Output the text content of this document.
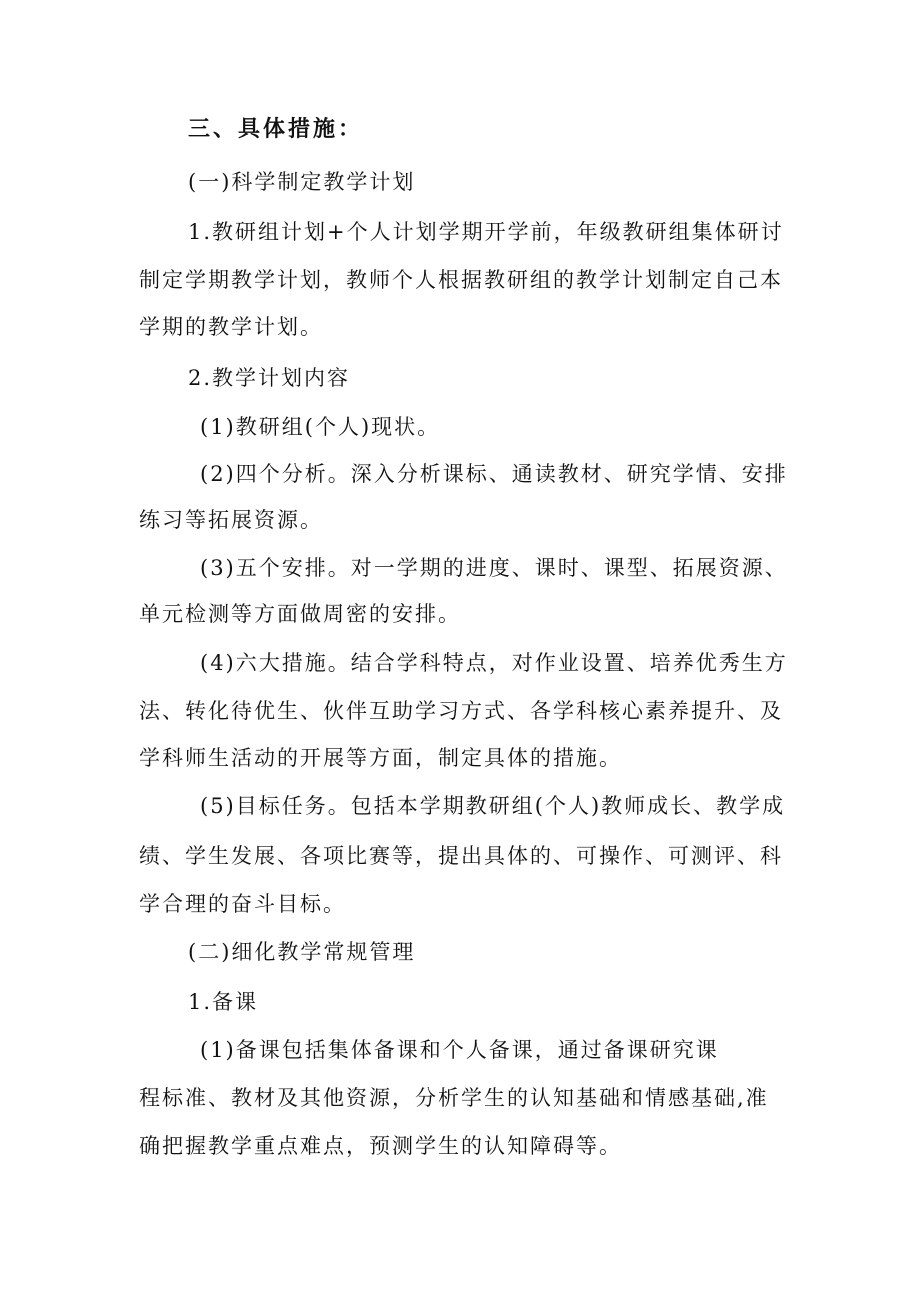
三、具体措施：
(一)科学制定教学计划
1.教研组计划+个人计划学期开学前，年级教研组集体研讨
制定学期教学计划，教师个人根据教研组的教学计划制定自己本
学期的教学计划。
2.教学计划内容
(1)教研组(个人)现状。
(2)四个分析。深入分析课标、通读教材、研究学情、安排
练习等拓展资源。
(3)五个安排。对一学期的进度、课时、课型、拓展资源、
单元检测等方面做周密的安排。
(4)六大措施。结合学科特点，对作业设置、培养优秀生方
法、转化待优生、伙伴互助学习方式、各学科核心素养提升、及
学科师生活动的开展等方面，制定具体的措施。
(5)目标任务。包括本学期教研组(个人)教师成长、教学成
绩、学生发展、各项比赛等，提出具体的、可操作、可测评、科
学合理的奋斗目标。
(二)细化教学常规管理
1.备课
(1)备课包括集体备课和个人备课，通过备课研究课
程标准、教材及其他资源，分析学生的认知基础和情感基础,准
确把握教学重点难点，预测学生的认知障碍等。
